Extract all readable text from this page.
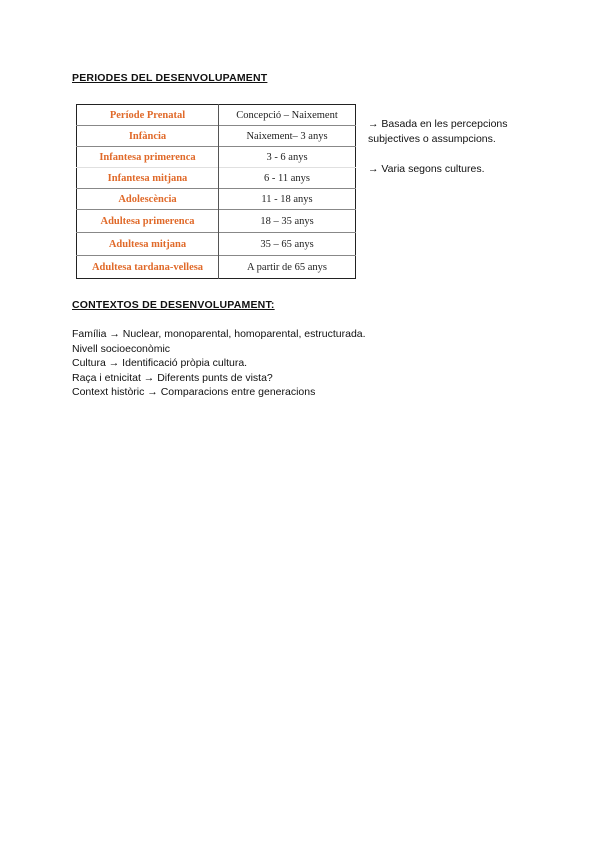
PERIODES DEL DESENVOLUPAMENT
Període Prenatal	Concepció – Naixement
Infància	Naixement– 3 anys
Infantesa primerenca	3 - 6 anys
Infantesa mitjana	6 - 11 anys
Adolescència	11 - 18 anys
Adultesa primerenca	18 – 35 anys
Adultesa mitjana	35 – 65 anys
Adultesa tardana-vellesa	A partir de 65 anys

→ Basada en les percepcions subjectives o assumpcions.

→ Varia segons cultures.

CONTEXTOS DE DESENVOLUPAMENT:
Família → Nuclear, monoparental, homoparental, estructurada.
Nivell socioeconòmic
Cultura → Identificació pròpia cultura.
Raça i etnicitat → Diferents punts de vista?
Context històric → Comparacions entre generacions
